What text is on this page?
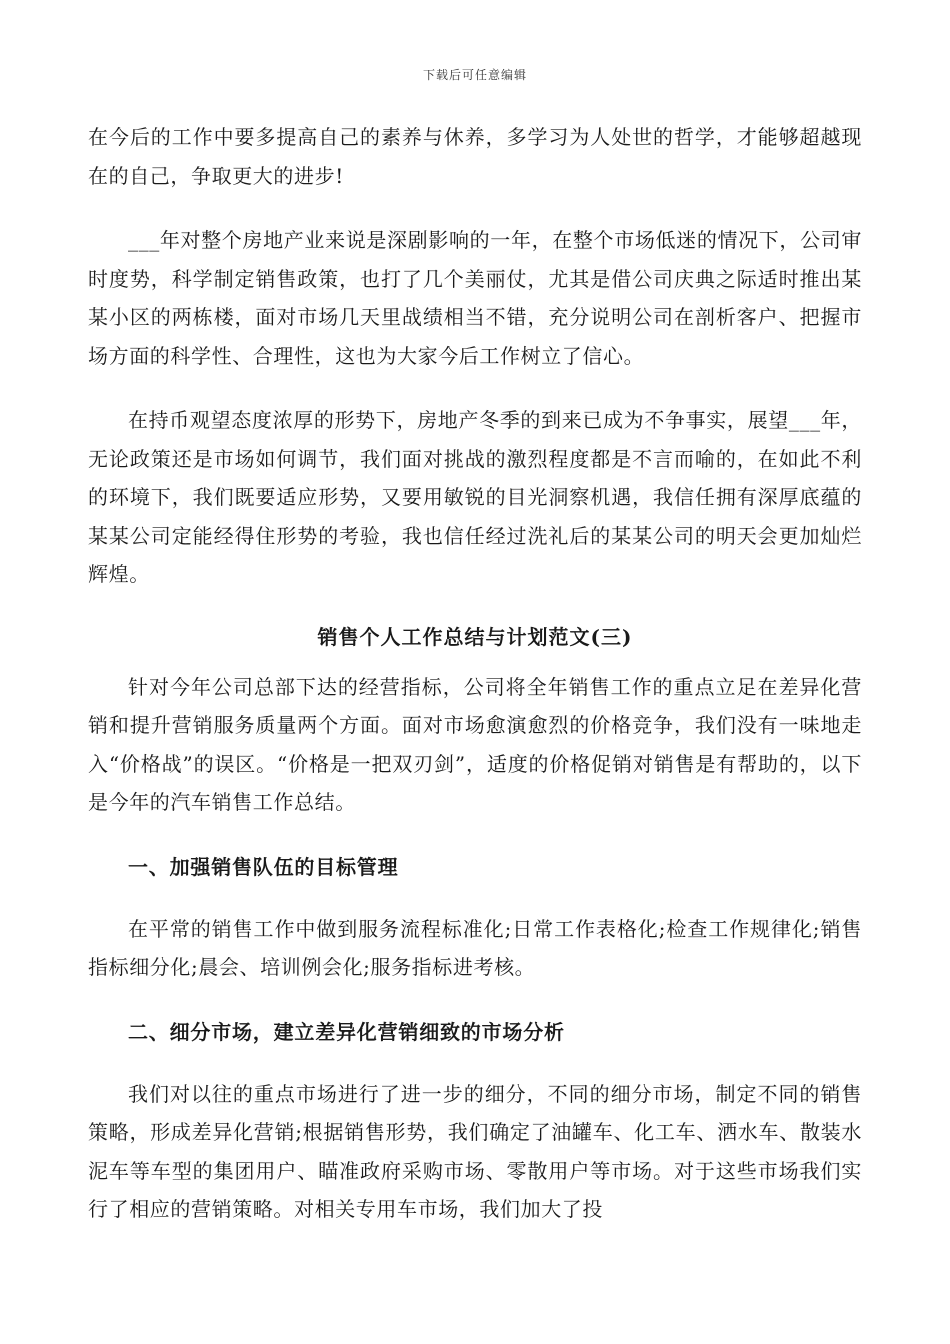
下载后可任意编辑

在今后的工作中要多提高自己的素养与休养，多学习为人处世的哲学，才能够超越现在的自己，争取更大的进步!

___年对整个房地产业来说是深剧影响的一年，在整个市场低迷的情况下，公司审时度势，科学制定销售政策，也打了几个美丽仗，尤其是借公司庆典之际适时推出某某小区的两栋楼，面对市场几天里战绩相当不错，充分说明公司在剖析客户、把握市场方面的科学性、合理性，这也为大家今后工作树立了信心。

在持币观望态度浓厚的形势下，房地产冬季的到来已成为不争事实，展望___年，无论政策还是市场如何调节，我们面对挑战的激烈程度都是不言而喻的，在如此不利的环境下，我们既要适应形势，又要用敏锐的目光洞察机遇，我信任拥有深厚底蕴的某某公司定能经得住形势的考验，我也信任经过洗礼后的某某公司的明天会更加灿烂辉煌。

销售个人工作总结与计划范文(三)

针对今年公司总部下达的经营指标，公司将全年销售工作的重点立足在差异化营销和提升营销服务质量两个方面。面对市场愈演愈烈的价格竞争，我们没有一味地走入“价格战”的误区。“价格是一把双刃剑”，适度的价格促销对销售是有帮助的，以下是今年的汽车销售工作总结。

一、加强销售队伍的目标管理

在平常的销售工作中做到服务流程标准化;日常工作表格化;检查工作规律化;销售指标细分化;晨会、培训例会化;服务指标进考核。

二、细分市场，建立差异化营销细致的市场分析

我们对以往的重点市场进行了进一步的细分，不同的细分市场，制定不同的销售策略，形成差异化营销;根据销售形势，我们确定了油罐车、化工车、洒水车、散装水泥车等车型的集团用户、瞄准政府采购市场、零散用户等市场。对于这些市场我们实行了相应的营销策略。对相关专用车市场，我们加大了投
